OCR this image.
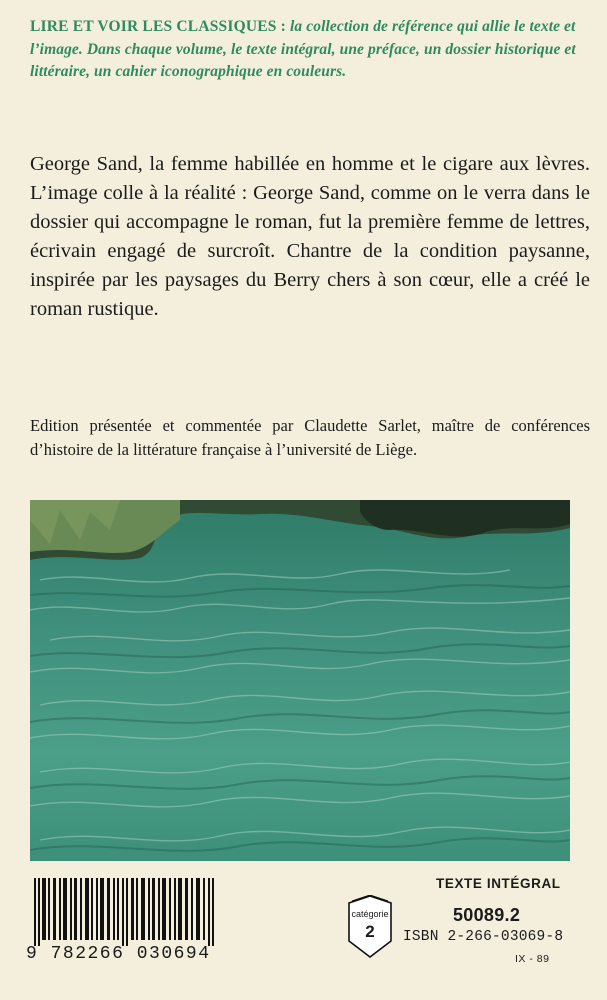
LIRE ET VOIR LES CLASSIQUES : la collection de référence qui allie le texte et l’image. Dans chaque volume, le texte intégral, une préface, un dossier historique et littéraire, un cahier iconographique en couleurs.
George Sand, la femme habillée en homme et le cigare aux lèvres. L’image colle à la réalité : George Sand, comme on le verra dans le dossier qui accompagne le roman, fut la première femme de lettres, écrivain engagé de surcroît. Chantre de la condition paysanne, inspirée par les paysages du Berry chers à son cœur, elle a créé le roman rustique.
Edition présentée et commentée par Claudette Sarlet, maître de conférences d’histoire de la littérature française à l’université de Liège.
TEXTE INTÉGRAL
9 782266 030694
catégorie
2
50089.2
ISBN 2-266-03069-8
IX - 89
